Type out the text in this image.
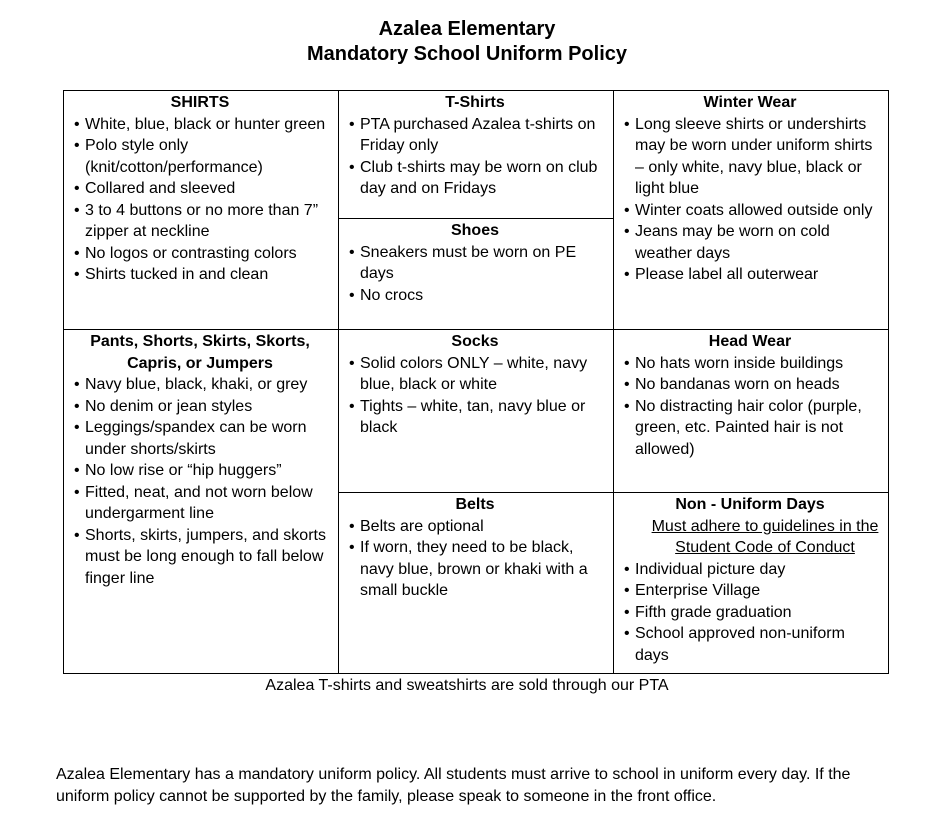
Azalea Elementary
Mandatory School Uniform Policy
SHIRTS
• White, blue, black or hunter green
• Polo style only (knit/cotton/performance)
• Collared and sleeved
• 3 to 4 buttons or no more than 7” zipper at neckline
• No logos or contrasting colors
• Shirts tucked in and clean
T-Shirts
• PTA purchased Azalea t-shirts on Friday only
• Club t-shirts may be worn on club day and on Fridays
Shoes
• Sneakers must be worn on PE days
• No crocs
Winter Wear
• Long sleeve shirts or undershirts may be worn under uniform shirts – only white, navy blue, black or light blue
• Winter coats allowed outside only
• Jeans may be worn on cold weather days
• Please label all outerwear
Pants, Shorts, Skirts, Skorts, Capris, or Jumpers
• Navy blue, black, khaki, or grey
• No denim or jean styles
• Leggings/spandex can be worn under shorts/skirts
• No low rise or “hip huggers”
• Fitted, neat, and not worn below undergarment line
• Shorts, skirts, jumpers, and skorts must be long enough to fall below finger line
Socks
• Solid colors ONLY – white, navy blue, black or white
• Tights – white, tan, navy blue or black
Belts
• Belts are optional
• If worn, they need to be black, navy blue, brown or khaki with a small buckle
Head Wear
• No hats worn inside buildings
• No bandanas worn on heads
• No distracting hair color (purple, green, etc. Painted hair is not allowed)
Non - Uniform Days
Must adhere to guidelines in the Student Code of Conduct
• Individual picture day
• Enterprise Village
• Fifth grade graduation
• School approved non-uniform days
Azalea T-shirts and sweatshirts are sold through our PTA
Azalea Elementary has a mandatory uniform policy. All students must arrive to school in uniform every day. If the uniform policy cannot be supported by the family, please speak to someone in the front office.
